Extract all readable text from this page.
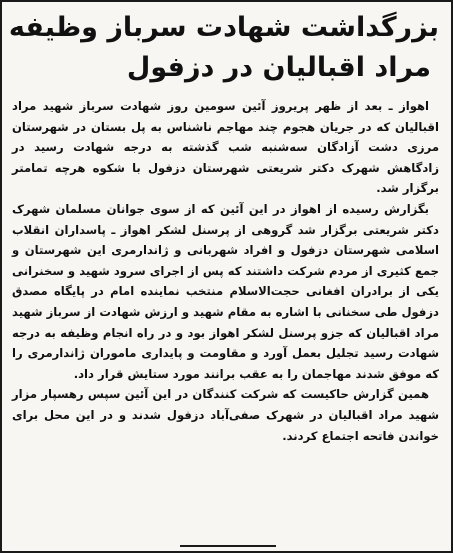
بزرگداشت شهادت سرباز وظیفه
مراد اقبالیان در دزفول

اهواز ـ بعد از ظهر پریروز آئین سومین روز شهادت سرباز شهید مراد اقبالیان که در جریان هجوم چند مهاجم ناشناس به پل بستان در شهرستان مرزی دشت آزادگان سه‌شنبه شب گذشته به درجه شهادت رسید در زادگاهش شهرک دکتر شریعتی شهرستان دزفول با شکوه هرچه تمامتر برگزار شد.

بگزارش رسیده از اهواز در این آئین که از سوی جوانان مسلمان شهرک دکتر شریعتی برگزار شد گروهی از پرسنل لشکر اهواز ـ پاسداران انقلاب اسلامی شهرستان دزفول و افراد شهربانی و ژاندارمری این شهرستان و جمع کثیری از مردم شرکت داشتند که پس از اجرای سرود شهید و سخنرانی یکی از برادران افغانی حجت‌الاسلام منتخب نماینده امام در پایگاه مصدق دزفول طی سخنانی با اشاره به مقام شهید و ارزش شهادت از سرباز شهید مراد اقبالیان که جزو پرسنل لشکر اهواز بود و در راه انجام وظیفه به درجه شهادت رسید تجلیل بعمل آورد و مقاومت و پایداری ماموران ژاندارمری را که موفق شدند مهاجمان را به عقب برانند مورد ستایش قرار داد.

همین گزارش حاکیست که شرکت کنندگان در این آئین سپس رهسپار مزار شهید مراد اقبالیان در شهرک صفی‌آباد دزفول شدند و در این محل برای خواندن فاتحه اجتماع کردند.
